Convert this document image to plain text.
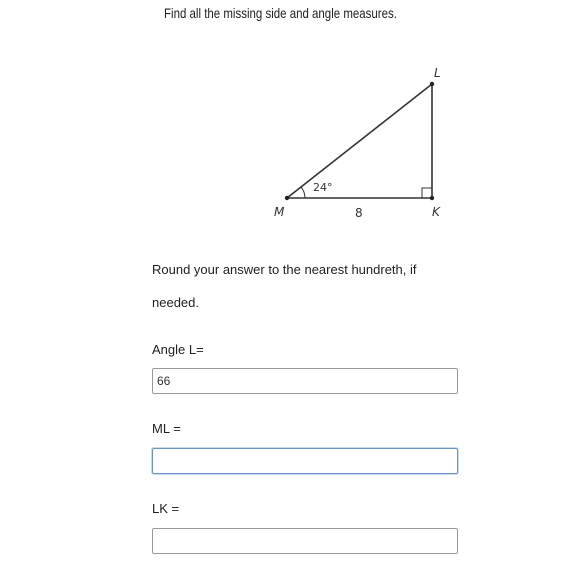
Find all the missing side and angle measures.
L
M	K
24°
8
Round your answer to the nearest hundreth, if
needed.
Angle L=
66
ML =
LK =
